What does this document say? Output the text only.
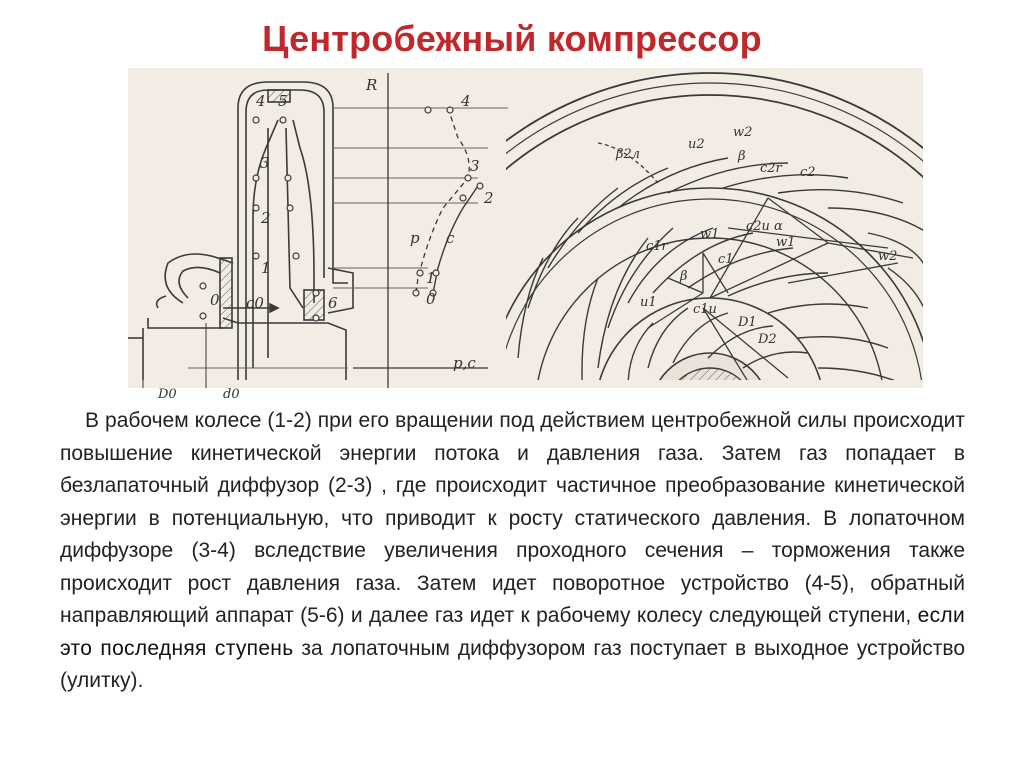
Центробежный компрессор
R
p,c
p c
d0
D0
c0
0
1
2
3
4 5
6	0
1
2
3
4
β2л
u2
w2
β
c2r c2
c2u α
w1
c1r
c1
β
u1	c1u
D1
D2
w2
w1

В рабочем колесе (1-2) при его вращении под действием центробежной силы происходит повышение кинетической энергии потока и давления газа. Затем газ попадает в безлапаточный диффузор (2-3) , где происходит частичное преобразование кинетической энергии в потенциальную, что приводит к росту статического давления. В лопаточном диффузоре (3-4) вследствие увеличения проходного сечения – торможения также происходит рост давления газа. Затем идет поворотное устройство (4-5), обратный направляющий аппарат (5-6) и далее газ идет к рабочему колесу следующей ступени, если это последняя ступень за лопаточным диффузором газ поступает в выходное устройство (улитку).
